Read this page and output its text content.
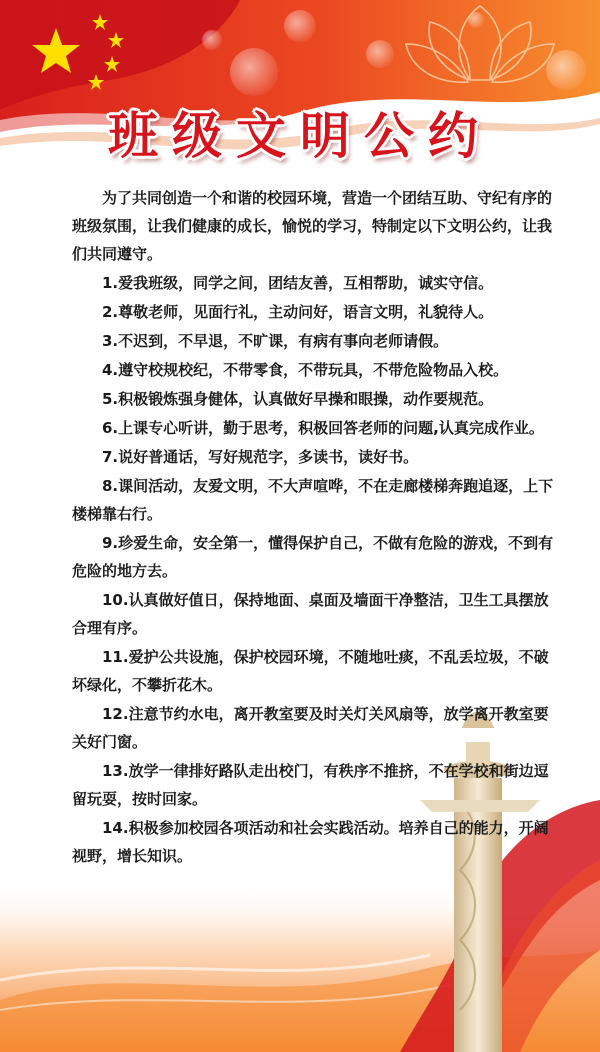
班级文明公约

为了共同创造一个和谐的校园环境，营造一个团结互助、守纪有序的班级氛围，让我们健康的成长，愉悦的学习，特制定以下文明公约，让我们共同遵守。

1.爱我班级，同学之间，团结友善，互相帮助，诚实守信。

2.尊敬老师，见面行礼，主动问好，语言文明，礼貌待人。

3.不迟到，不早退，不旷课，有病有事向老师请假。

4.遵守校规校纪，不带零食，不带玩具，不带危险物品入校。

5.积极锻炼强身健体，认真做好早操和眼操，动作要规范。

6.上课专心听讲，勤于思考，积极回答老师的问题,认真完成作业。

7.说好普通话，写好规范字，多读书，读好书。

8.课间活动，友爱文明，不大声喧哗，不在走廊楼梯奔跑追逐，上下楼梯靠右行。

9.珍爱生命，安全第一，懂得保护自己，不做有危险的游戏，不到有危险的地方去。

10.认真做好值日，保持地面、桌面及墙面干净整洁，卫生工具摆放合理有序。

11.爱护公共设施，保护校园环境，不随地吐痰，不乱丢垃圾，不破坏绿化，不攀折花木。

12.注意节约水电，离开教室要及时关灯关风扇等，放学离开教室要关好门窗。

13.放学一律排好路队走出校门，有秩序不推挤，不在学校和街边逗留玩耍，按时回家。

14.积极参加校园各项活动和社会实践活动。培养自己的能力，开阔视野，增长知识。
